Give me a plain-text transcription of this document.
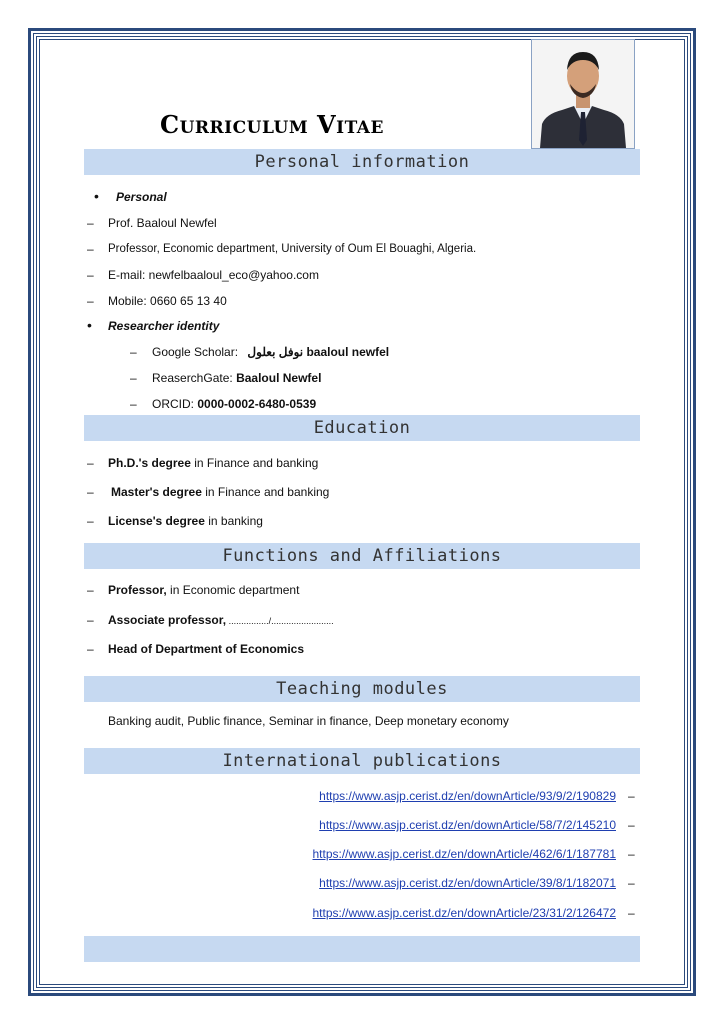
Curriculum Vitae
Personal information
• Personal
– Prof. Baaloul Newfel
– Professor, Economic department, University of Oum El Bouaghi, Algeria.
– E-mail: newfelbaaloul_eco@yahoo.com
– Mobile: 0660 65 13 40
• Researcher identity
– Google Scholar: نوفل بعلول baaloul newfel
– ReaserchGate: Baaloul Newfel
– ORCID: 0000-0002-6480-0539
Education
– Ph.D.'s degree in Finance and banking
– Master's degree in Finance and banking
– License's degree in banking
Functions and Affiliations
– Professor, in Economic department
– Associate professor, ................/.........................
– Head of Department of Economics
Teaching modules
Banking audit, Public finance, Seminar in finance, Deep monetary economy
International publications
https://www.asjp.cerist.dz/en/downArticle/93/9/2/190829 –
https://www.asjp.cerist.dz/en/downArticle/58/7/2/145210 –
https://www.asjp.cerist.dz/en/downArticle/462/6/1/187781 –
https://www.asjp.cerist.dz/en/downArticle/39/8/1/182071 –
https://www.asjp.cerist.dz/en/downArticle/23/31/2/126472 –
